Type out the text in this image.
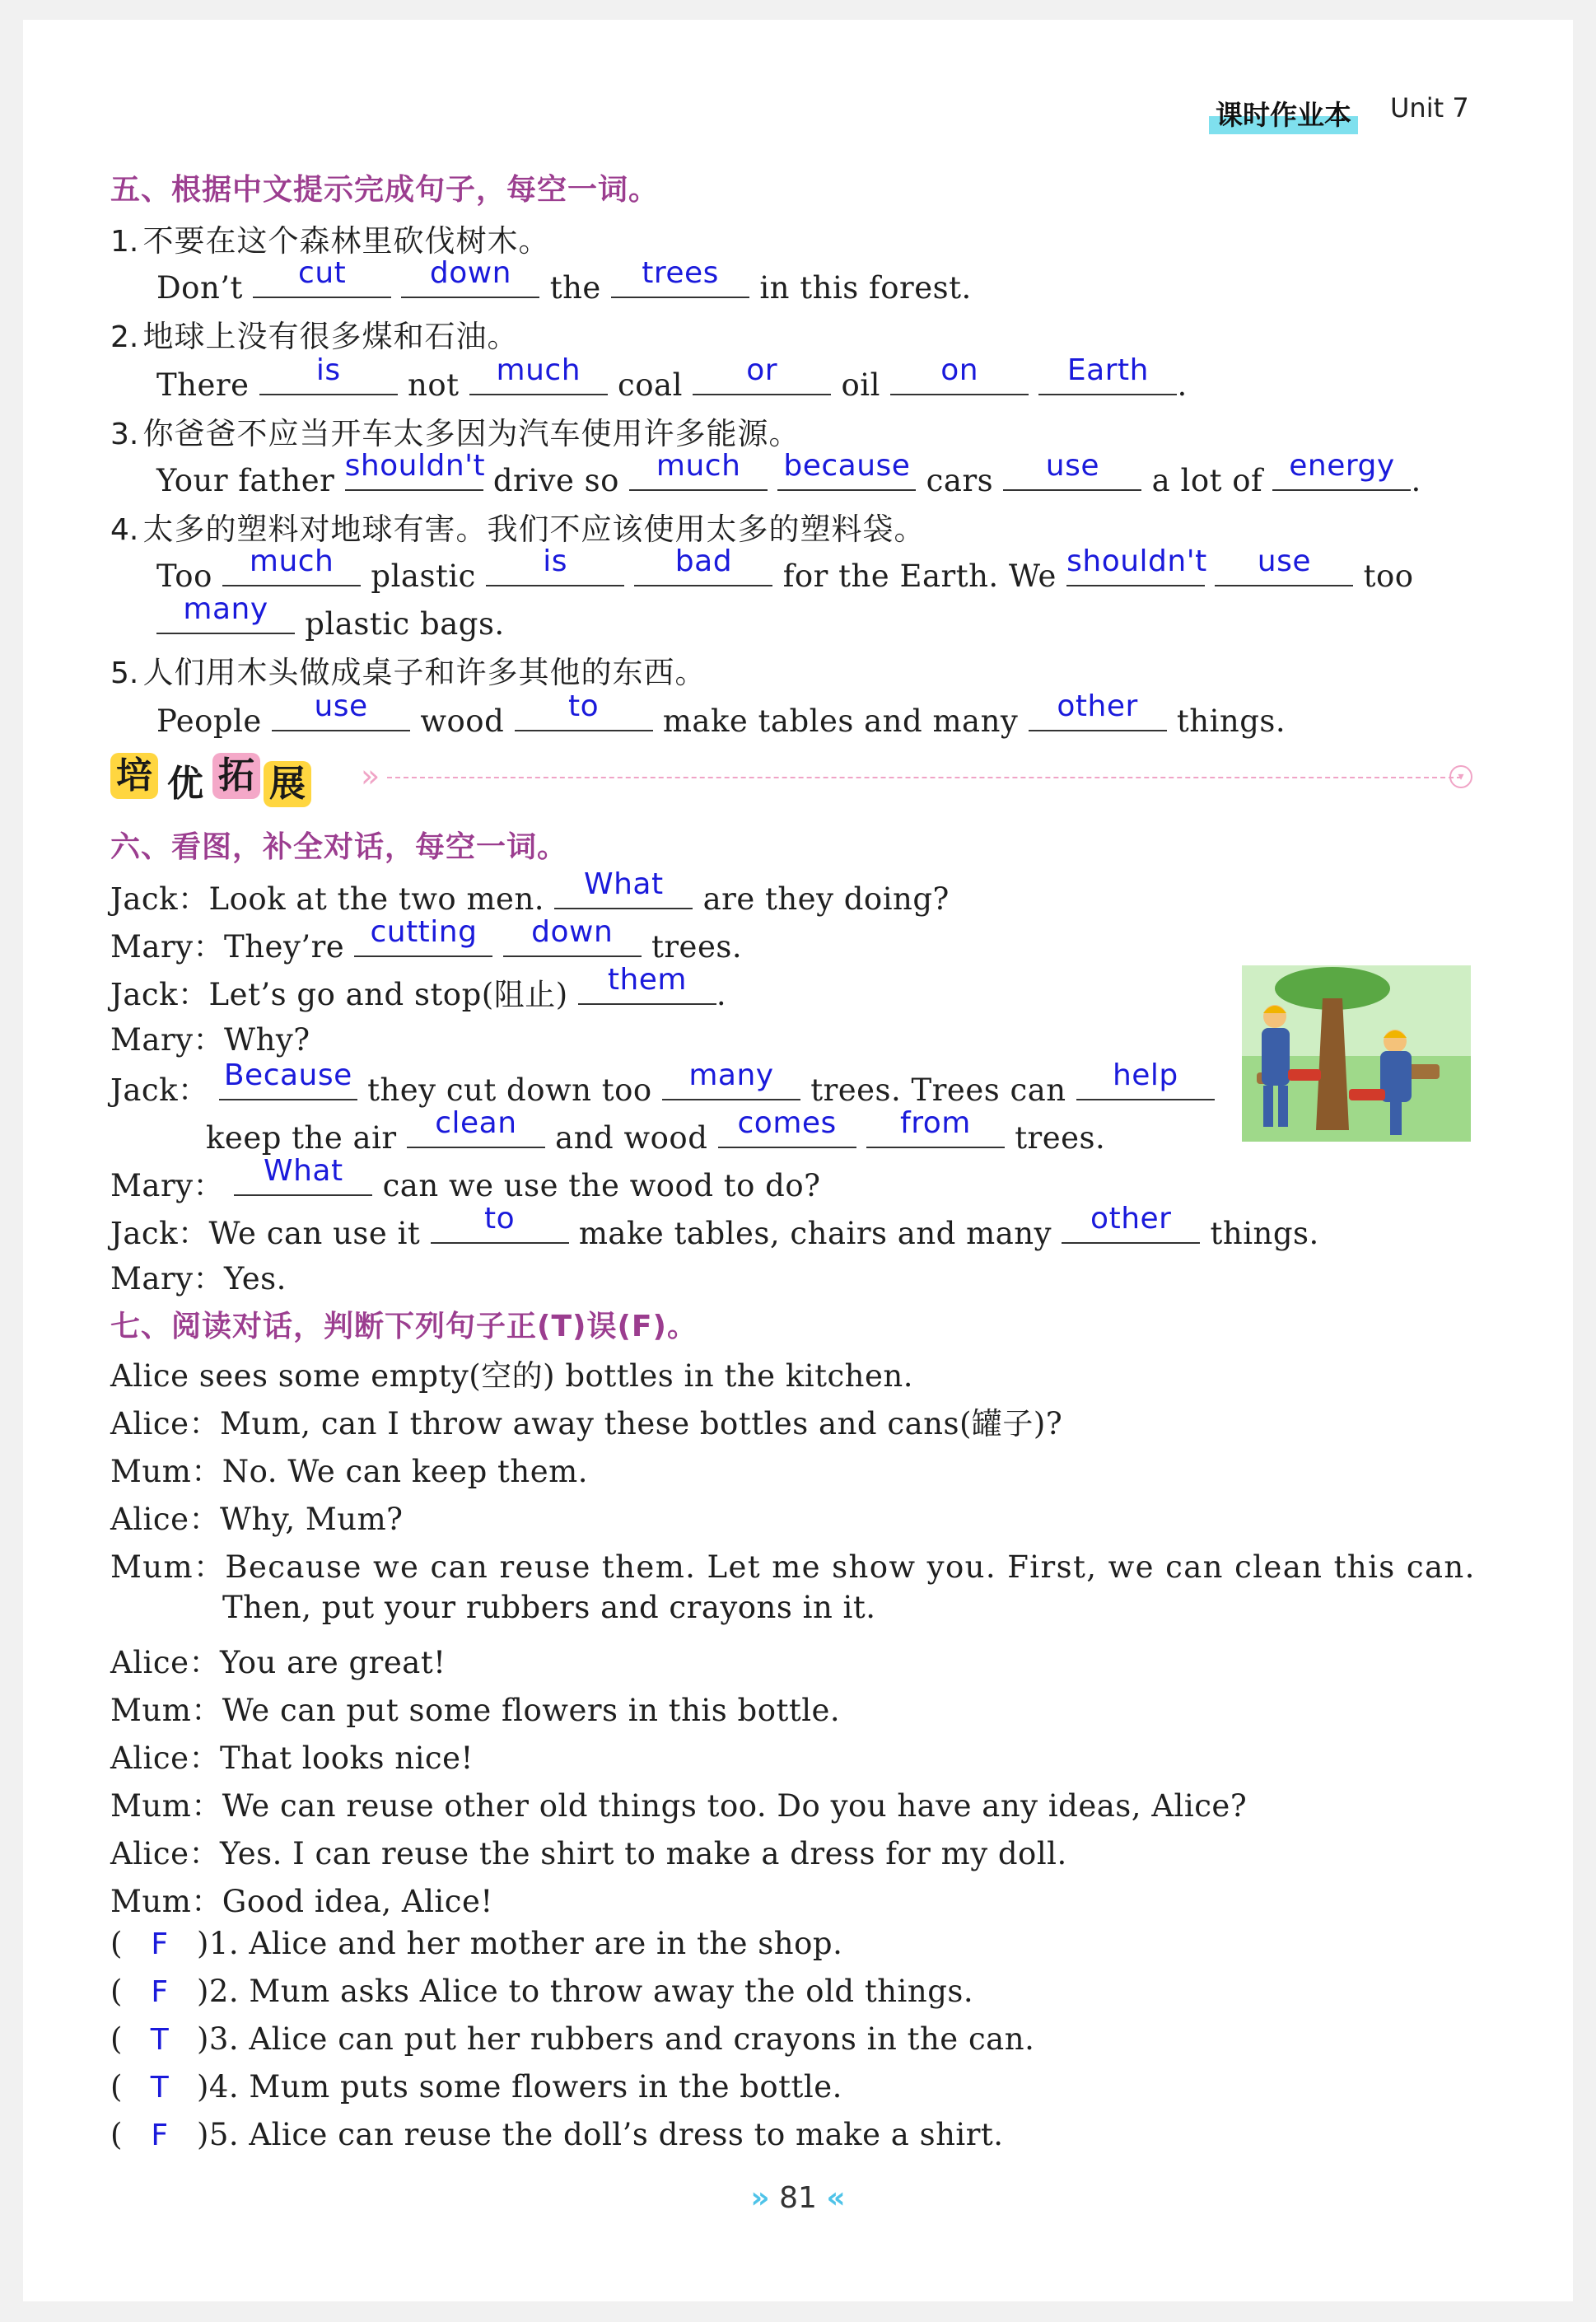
课时作业本 Unit 7
五、根据中文提示完成句子，每空一词。
1. 不要在这个森林里砍伐树木。
Don’t	cut
	down	the	trees	in this forest.
2. 地球上没有很多煤和石油。
There	is	not	much	coal	or	oil	on
	Earth .
3. 你爸爸不应当开车太多因为汽车使用许多能源。
Your father shouldn't drive so	much
	because cars	use	a lot of energy .
4. 太多的塑料对地球有害。我们不应该使用太多的塑料袋。
Too	much	plastic	is
	bad	for the Earth. We shouldn't
	use	too
many	plastic bags.
5. 人们用木头做成桌子和许多其他的东西。
People	use	wood	to	make tables and many	other	things.
培 优 拓 展 »	▾
六、看图，补全对话，每空一词。
Jack：Look at the two men.	What	are they doing?
Mary：They’re cutting
	down	trees.
Jack：Let’s go and stop(阻止)	them .
Mary：Why?
Jack： Because they cut down too	many	trees. Trees can	help
keep the air	clean	and wood	comes
	from	trees.
Mary：	What	can we use the wood to do?
Jack：We can use it	to	make tables, chairs and many	other	things.
Mary：Yes.
七、阅读对话，判断下列句子正(T)误(F)。
Alice sees some empty(空的) bottles in the kitchen.
Alice：Mum, can I throw away these bottles and cans(罐子)?
Mum：No. We can keep them.
Alice：Why, Mum?
Mum：Because we can reuse them. Let me show you. First, we can clean this can.
Then, put your rubbers and crayons in it.
Alice：You are great!
Mum：We can put some flowers in this bottle.
Alice：That looks nice!
Mum：We can reuse other old things too. Do you have any ideas, Alice?
Alice：Yes. I can reuse the shirt to make a dress for my doll.
Mum：Good idea, Alice!
( F )1. Alice and her mother are in the shop.
( F )2. Mum asks Alice to throw away the old things.
( T )3. Alice can put her rubbers and crayons in the can.
( T )4. Mum puts some flowers in the bottle.
( F )5. Alice can reuse the doll’s dress to make a shirt.
» 81 «
